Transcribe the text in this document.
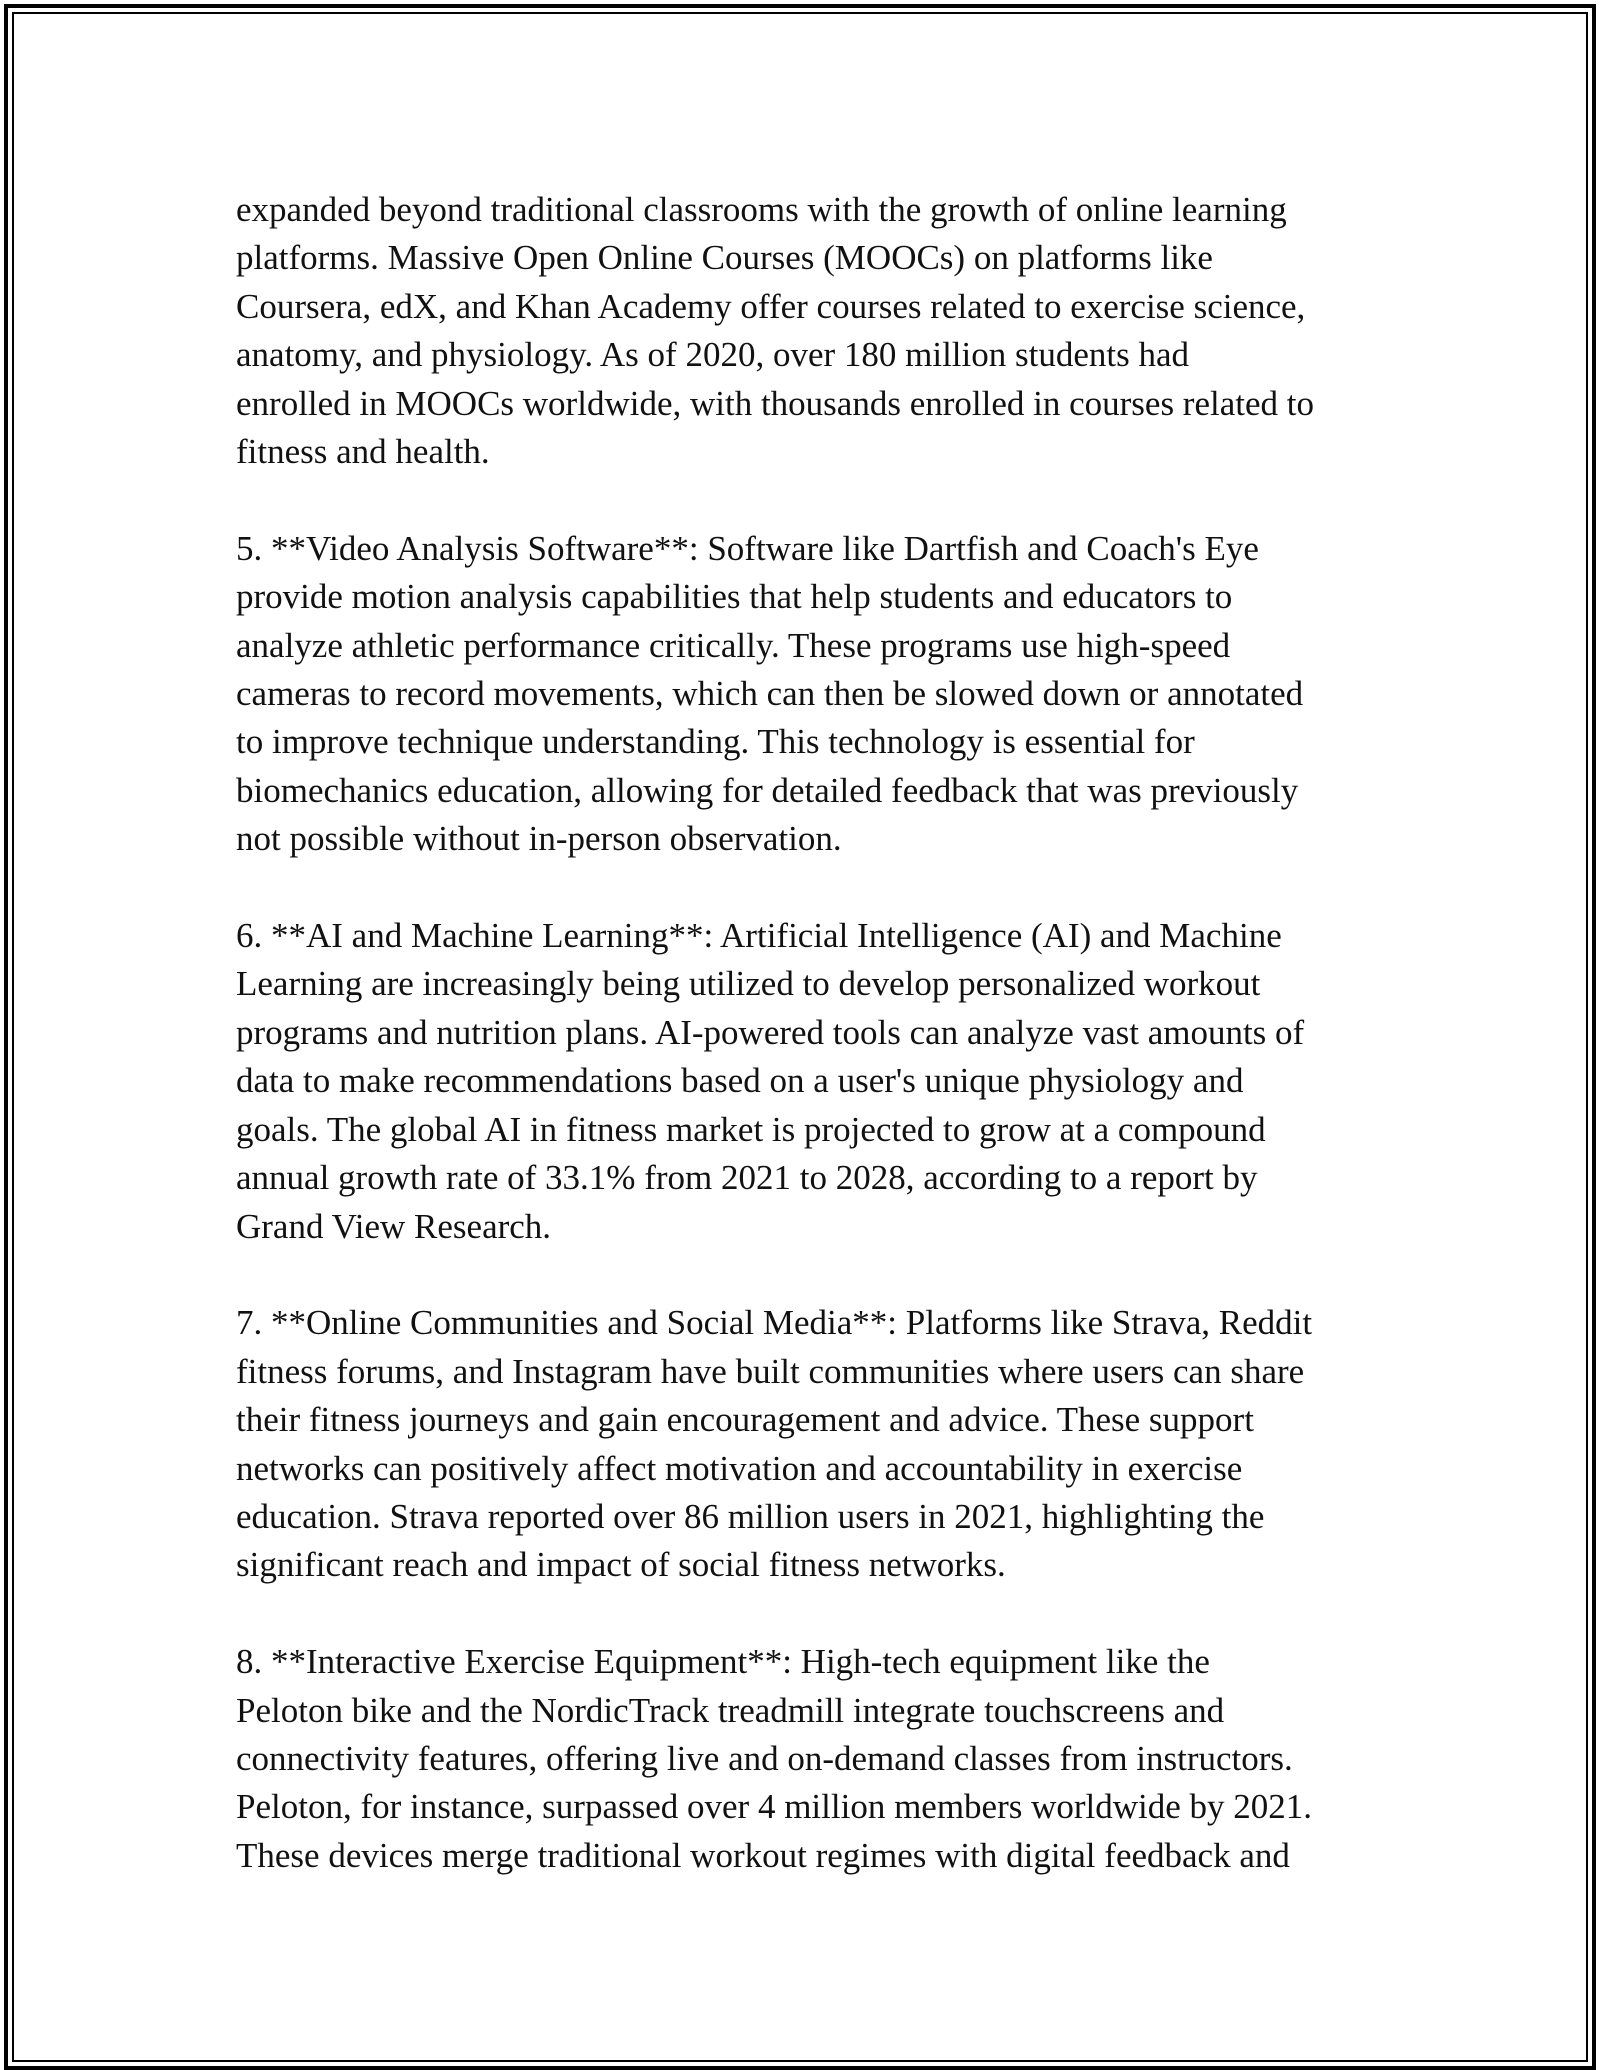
expanded beyond traditional classrooms with the growth of online learning
platforms. Massive Open Online Courses (MOOCs) on platforms like
Coursera, edX, and Khan Academy offer courses related to exercise science,
anatomy, and physiology. As of 2020, over 180 million students had
enrolled in MOOCs worldwide, with thousands enrolled in courses related to
fitness and health.

5. **Video Analysis Software**: Software like Dartfish and Coach's Eye
provide motion analysis capabilities that help students and educators to
analyze athletic performance critically. These programs use high-speed
cameras to record movements, which can then be slowed down or annotated
to improve technique understanding. This technology is essential for
biomechanics education, allowing for detailed feedback that was previously
not possible without in-person observation.

6. **AI and Machine Learning**: Artificial Intelligence (AI) and Machine
Learning are increasingly being utilized to develop personalized workout
programs and nutrition plans. AI-powered tools can analyze vast amounts of
data to make recommendations based on a user's unique physiology and
goals. The global AI in fitness market is projected to grow at a compound
annual growth rate of 33.1% from 2021 to 2028, according to a report by
Grand View Research.

7. **Online Communities and Social Media**: Platforms like Strava, Reddit
fitness forums, and Instagram have built communities where users can share
their fitness journeys and gain encouragement and advice. These support
networks can positively affect motivation and accountability in exercise
education. Strava reported over 86 million users in 2021, highlighting the
significant reach and impact of social fitness networks.

8. **Interactive Exercise Equipment**: High-tech equipment like the
Peloton bike and the NordicTrack treadmill integrate touchscreens and
connectivity features, offering live and on-demand classes from instructors.
Peloton, for instance, surpassed over 4 million members worldwide by 2021.
These devices merge traditional workout regimes with digital feedback and
